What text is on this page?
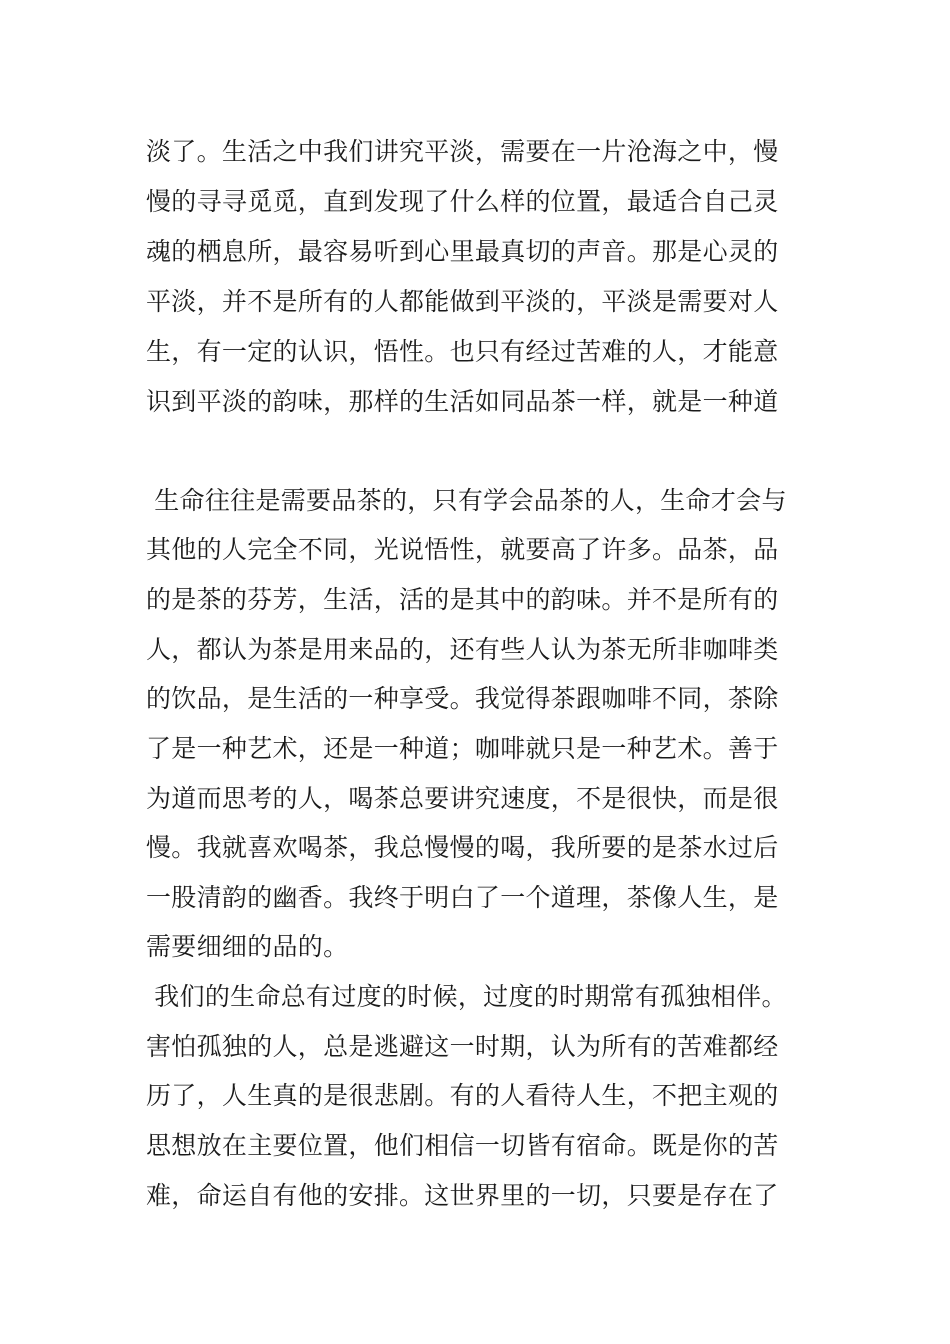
淡了。生活之中我们讲究平淡，需要在一片沧海之中，慢
慢的寻寻觅觅，直到发现了什么样的位置，最适合自己灵
魂的栖息所，最容易听到心里最真切的声音。那是心灵的
平淡，并不是所有的人都能做到平淡的，平淡是需要对人
生，有一定的认识，悟性。也只有经过苦难的人，才能意
识到平淡的韵味，那样的生活如同品茶一样，就是一种道
生命往往是需要品茶的，只有学会品茶的人，生命才会与
其他的人完全不同，光说悟性，就要高了许多。品茶，品
的是茶的芬芳，生活，活的是其中的韵味。并不是所有的
人，都认为茶是用来品的，还有些人认为茶无所非咖啡类
的饮品，是生活的一种享受。我觉得茶跟咖啡不同，茶除
了是一种艺术，还是一种道；咖啡就只是一种艺术。善于
为道而思考的人，喝茶总要讲究速度，不是很快，而是很
慢。我就喜欢喝茶，我总慢慢的喝，我所要的是茶水过后
一股清韵的幽香。我终于明白了一个道理，茶像人生，是
需要细细的品的。
我们的生命总有过度的时候，过度的时期常有孤独相伴。
害怕孤独的人，总是逃避这一时期，认为所有的苦难都经
历了，人生真的是很悲剧。有的人看待人生，不把主观的
思想放在主要位置，他们相信一切皆有宿命。既是你的苦
难，命运自有他的安排。这世界里的一切，只要是存在了
